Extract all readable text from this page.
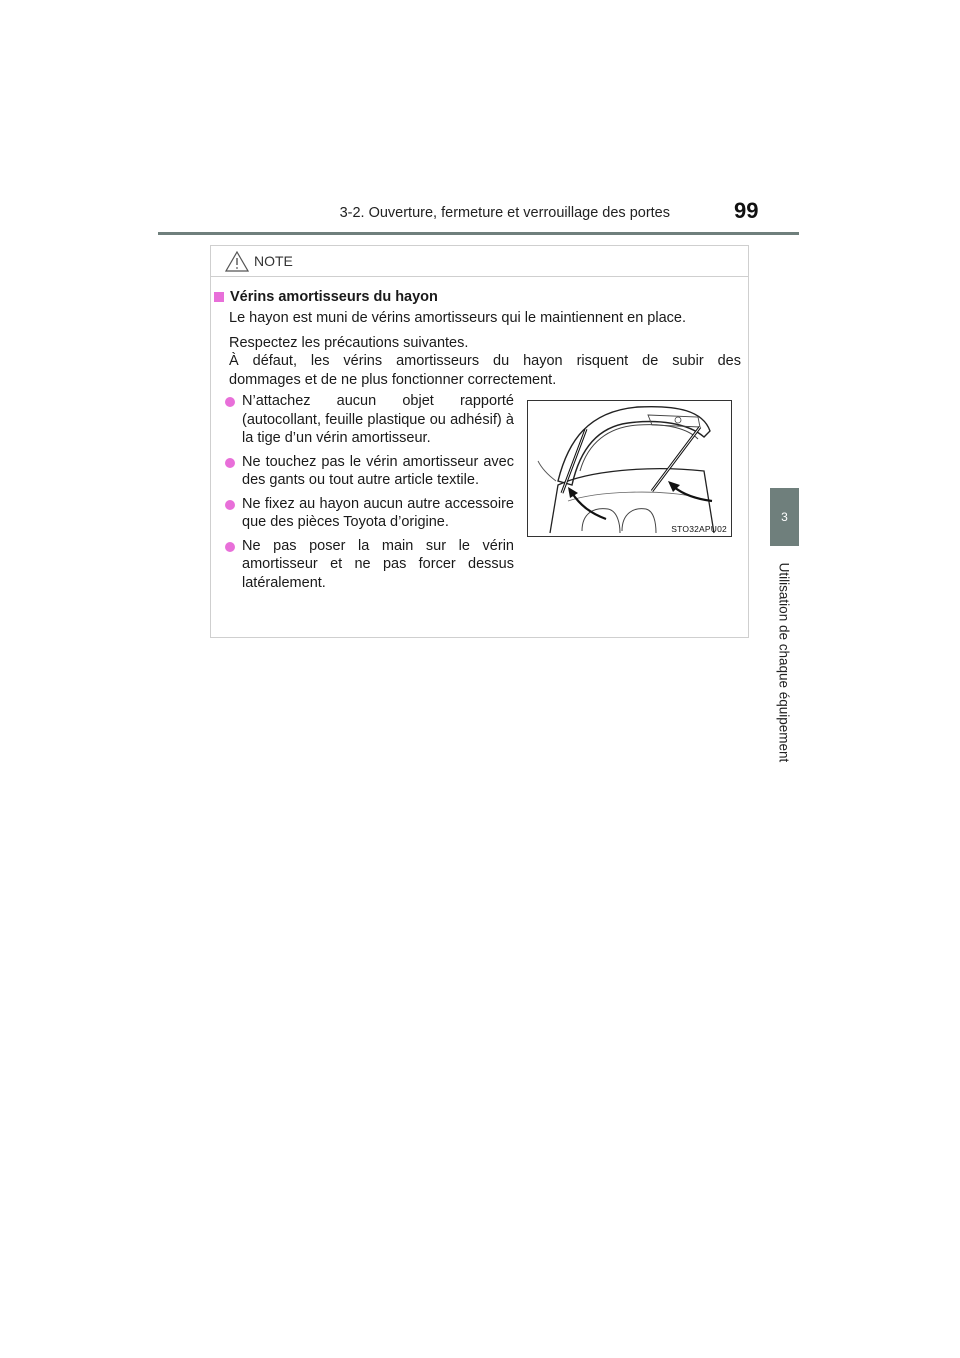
3-2. Ouverture, fermeture et verrouillage des portes	99
3
Utilisation de chaque équipement
NOTE
Vérins amortisseurs du hayon
Le hayon est muni de vérins amortisseurs qui le maintiennent en place.
Respectez les précautions suivantes.
À défaut, les vérins amortisseurs du hayon risquent de subir des
dommages et de ne plus fonctionner correctement.
N’attachez aucun objet rapporté (autocollant, feuille plastique ou adhésif) à la tige d’un vérin amortisseur.
Ne touchez pas le vérin amortisseur avec des gants ou tout autre article textile.
Ne fixez au hayon aucun autre accessoire que des pièces Toyota d’origine.
Ne pas poser la main sur le vérin amortisseur et ne pas forcer dessus latéralement.
STO32APU02
